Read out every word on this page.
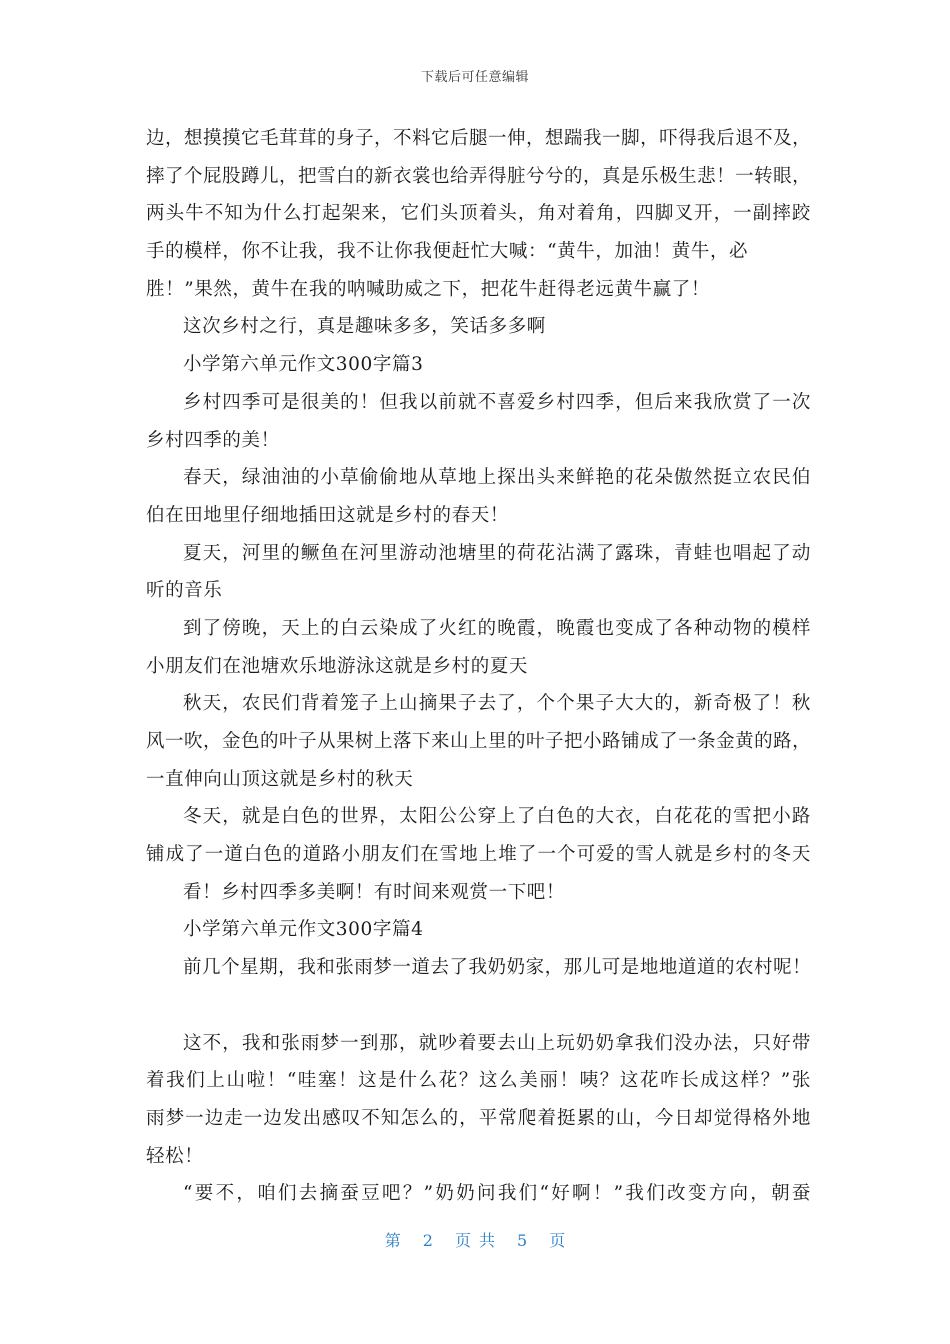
下载后可任意编辑
边，想摸摸它毛茸茸的身子，不料它后腿一伸，想踹我一脚，吓得我后退不及，
摔了个屁股蹲儿，把雪白的新衣裳也给弄得脏兮兮的，真是乐极生悲！一转眼，
两头牛不知为什么打起架来，它们头顶着头，角对着角，四脚叉开，一副摔跤
手的模样，你不让我，我不让你我便赶忙大喊：“黄牛，加油！黄牛，必
胜！”果然，黄牛在我的呐喊助威之下，把花牛赶得老远黄牛赢了！
这次乡村之行，真是趣味多多，笑话多多啊
小学第六单元作文300字篇3
乡村四季可是很美的！但我以前就不喜爱乡村四季，但后来我欣赏了一次
乡村四季的美！
春天，绿油油的小草偷偷地从草地上探出头来鲜艳的花朵傲然挺立农民伯
伯在田地里仔细地插田这就是乡村的春天！
夏天，河里的鳜鱼在河里游动池塘里的荷花沾满了露珠，青蛙也唱起了动
听的音乐
到了傍晚，天上的白云染成了火红的晚霞，晚霞也变成了各种动物的模样
小朋友们在池塘欢乐地游泳这就是乡村的夏天
秋天，农民们背着笼子上山摘果子去了，个个果子大大的，新奇极了！秋
风一吹，金色的叶子从果树上落下来山上里的叶子把小路铺成了一条金黄的路，
一直伸向山顶这就是乡村的秋天
冬天，就是白色的世界，太阳公公穿上了白色的大衣，白花花的雪把小路
铺成了一道白色的道路小朋友们在雪地上堆了一个可爱的雪人就是乡村的冬天
看！乡村四季多美啊！有时间来观赏一下吧！
小学第六单元作文300字篇4
前几个星期，我和张雨梦一道去了我奶奶家，那儿可是地地道道的农村呢！
这不，我和张雨梦一到那，就吵着要去山上玩奶奶拿我们没办法，只好带
着我们上山啦！“哇塞！这是什么花？这么美丽！咦？这花咋长成这样？”张
雨梦一边走一边发出感叹不知怎么的，平常爬着挺累的山，今日却觉得格外地
轻松！
“要不，咱们去摘蚕豆吧？”奶奶问我们“好啊！”我们改变方向，朝蚕
第 2 页共 5 页
